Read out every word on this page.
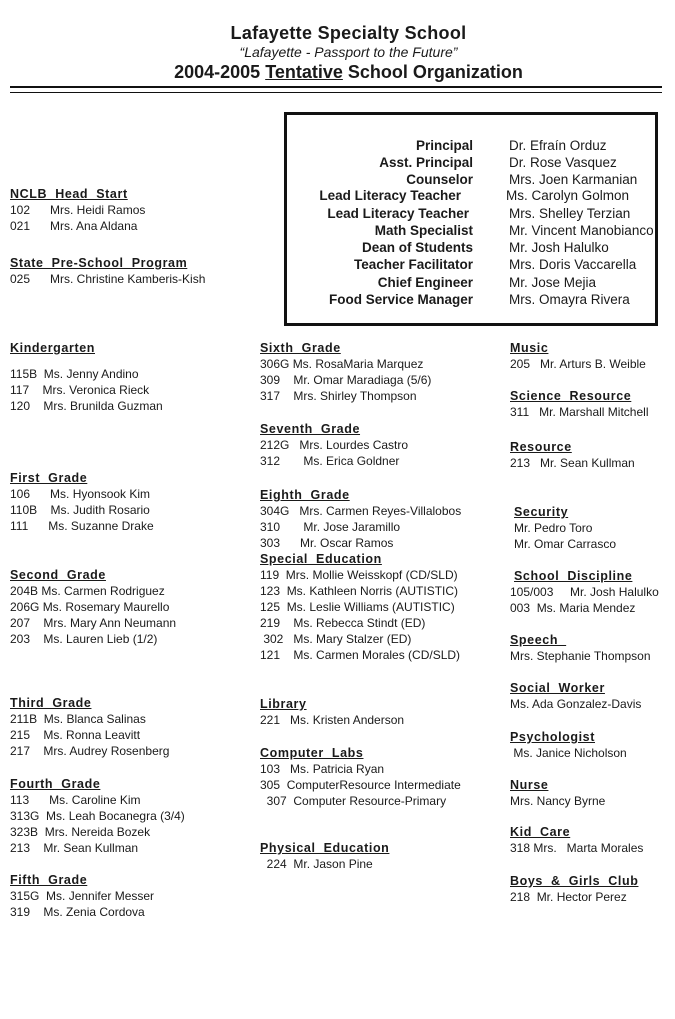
Lafayette Specialty School
“Lafayette - Passport to the Future”
2004-2005 Tentative School Organization
Principal	Dr. Efraín Orduz
Asst. Principal	Dr. Rose Vasquez
Counselor	Mrs. Joen Karmanian
Lead Literacy Teacher	Ms. Carolyn Golmon
Lead Literacy Teacher	Mrs. Shelley Terzian
Math Specialist	Mr. Vincent Manobianco
Dean of Students	Mr. Josh Halulko
Teacher Facilitator	Mrs. Doris Vaccarella
Chief Engineer	Mr. Jose Mejia
Food Service Manager	Mrs. Omayra Rivera
NCLB Head Start
102      Mrs. Heidi Ramos
021      Mrs. Ana Aldana
State Pre-School Program
025      Mrs. Christine Kamberis-Kish
Kindergarten
115B  Ms. Jenny Andino
117    Mrs. Veronica Rieck
120    Mrs. Brunilda Guzman
First Grade
106      Ms. Hyonsook Kim
110B    Ms. Judith Rosario
111      Ms. Suzanne Drake
Second Grade
204B Ms. Carmen Rodriguez
206G Ms. Rosemary Maurello
207    Mrs. Mary Ann Neumann
203    Ms. Lauren Lieb (1/2)
Third Grade
211B  Ms. Blanca Salinas
215    Ms. Ronna Leavitt
217    Mrs. Audrey Rosenberg
Fourth Grade
113      Ms. Caroline Kim
313G  Ms. Leah Bocanegra (3/4)
323B  Mrs. Nereida Bozek
213    Mr. Sean Kullman
Fifth Grade
315G  Ms. Jennifer Messer
319    Ms. Zenia Cordova
Sixth Grade
306G Ms. RosaMaria Marquez
309    Mr. Omar Maradiaga (5/6)
317    Mrs. Shirley Thompson
Seventh Grade
212G   Mrs. Lourdes Castro
312       Ms. Erica Goldner
Eighth Grade
304G   Mrs. Carmen Reyes-Villalobos
310       Mr. Jose Jaramillo
303      Mr. Oscar Ramos
Special Education
119  Mrs. Mollie Weisskopf (CD/SLD)
123  Ms. Kathleen Norris (AUTISTIC)
125  Ms. Leslie Williams (AUTISTIC)
219    Ms. Rebecca Stindt (ED)
302   Ms. Mary Stalzer (ED)
121    Ms. Carmen Morales (CD/SLD)
Library
221   Ms. Kristen Anderson
Computer Labs
103   Ms. Patricia Ryan
305  ComputerResource Intermediate
307  Computer Resource-Primary
Physical Education
224  Mr. Jason Pine
Music
205   Mr. Arturs B. Weible
Science Resource
311   Mr. Marshall Mitchell
Resource
213   Mr. Sean Kullman
Security
Mr. Pedro Toro
Mr. Omar Carrasco
School Discipline
105/003     Mr. Josh Halulko
003  Ms. Maria Mendez
Speech
Mrs. Stephanie Thompson
Social Worker
Ms. Ada Gonzalez-Davis
Psychologist
Ms. Janice Nicholson
Nurse
Mrs. Nancy Byrne
Kid Care
318 Mrs.   Marta Morales
Boys & Girls Club
218  Mr. Hector Perez
